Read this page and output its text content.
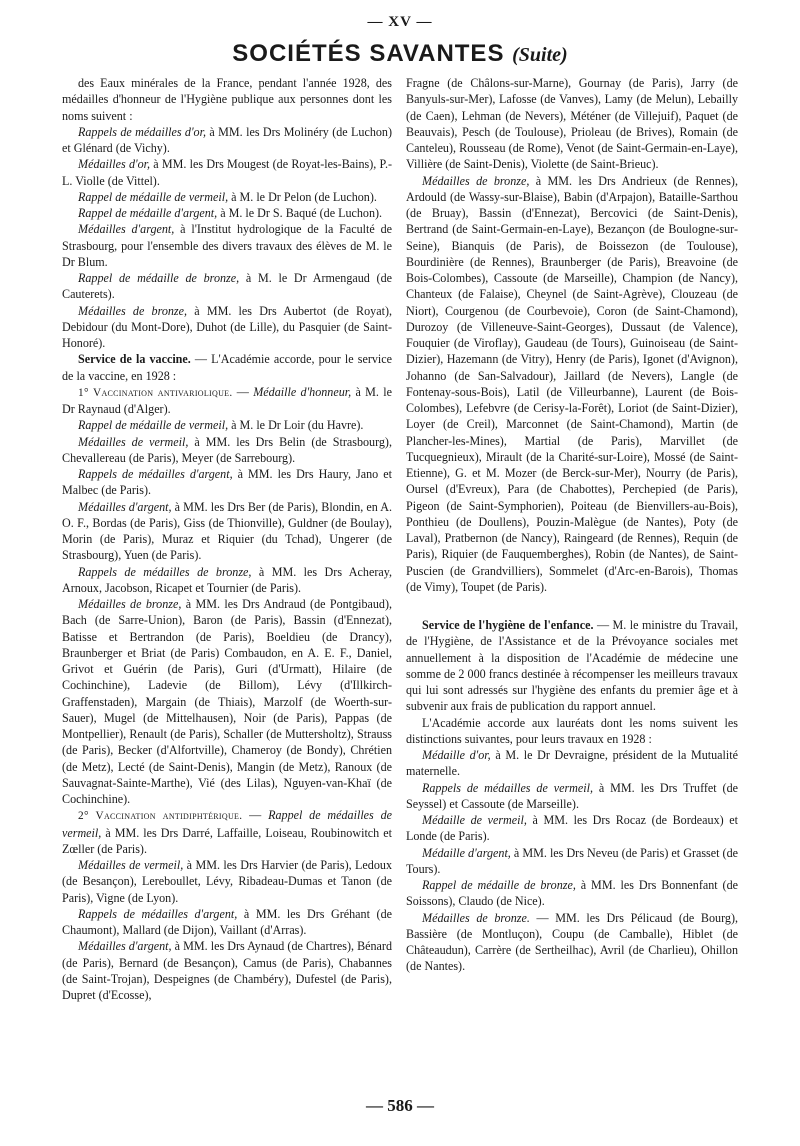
— XV —
SOCIÉTÉS SAVANTES (Suite)

des Eaux minérales de la France, pendant l'année 1928, des médailles d'honneur de l'Hygiène publique aux personnes dont les noms suivent :

Rappels de médailles d'or, à MM. les Drs Molinéry (de Luchon) et Glénard (de Vichy).

Médailles d'or, à MM. les Drs Mougest (de Royat-les-Bains), P.-L. Violle (de Vittel).

Rappel de médaille de vermeil, à M. le Dr Pelon (de Luchon).

Rappel de médaille d'argent, à M. le Dr S. Baqué (de Luchon).

Médailles d'argent, à l'Institut hydrologique de la Faculté de Strasbourg, pour l'ensemble des divers travaux des élèves de M. le Dr Blum.

Rappel de médaille de bronze, à M. le Dr Armengaud (de Cauterets).

Médailles de bronze, à MM. les Drs Aubertot (de Royat), Debidour (du Mont-Dore), Duhot (de Lille), du Pasquier (de Saint-Honoré).

Service de la vaccine. — L'Académie accorde, pour le service de la vaccine, en 1928 :

1° Vaccination antivariolique. — Médaille d'honneur, à M. le Dr Raynaud (d'Alger).

Rappel de médaille de vermeil, à M. le Dr Loir (du Havre).

Médailles de vermeil, à MM. les Drs Belin (de Strasbourg), Chevallereau (de Paris), Meyer (de Sarrebourg).

Rappels de médailles d'argent, à MM. les Drs Haury, Jano et Malbec (de Paris).

Médailles d'argent, à MM. les Drs Ber (de Paris), Blondin, en A. O. F., Bordas (de Paris), Giss (de Thionville), Guldner (de Boulay), Morin (de Paris), Muraz et Riquier (du Tchad), Ungerer (de Strasbourg), Yuen (de Paris).

Rappels de médailles de bronze, à MM. les Drs Acheray, Arnoux, Jacobson, Ricapet et Tournier (de Paris).

Médailles de bronze, à MM. les Drs Andraud (de Pontgibaud), Bach (de Sarre-Union), Baron (de Paris), Bassin (d'Ennezat), Batisse et Bertrandon (de Paris), Boeldieu (de Drancy), Braunberger et Briat (de Paris) Combaudon, en A. E. F., Daniel, Grivot et Guérin (de Paris), Guri (d'Urmatt), Hilaire (de Cochinchine), Ladevie (de Billom), Lévy (d'Illkirch-Graffenstaden), Margain (de Thiais), Marzolf (de Woerth-sur-Sauer), Mugel (de Mittelhausen), Noir (de Paris), Pappas (de Montpellier), Renault (de Paris), Schaller (de Muttersholtz), Strauss (de Paris), Becker (d'Alfortville), Chameroy (de Bondy), Chrétien (de Metz), Lecté (de Saint-Denis), Mangin (de Metz), Ranoux (de Sauvagnat-Sainte-Marthe), Vié (des Lilas), Nguyen-van-Khaï (de Cochinchine).

2° Vaccination antidiphtérique. — Rappel de médailles de vermeil, à MM. les Drs Darré, Laffaille, Loiseau, Roubinowitch et Zœller (de Paris).

Médailles de vermeil, à MM. les Drs Harvier (de Paris), Ledoux (de Besançon), Lereboullet, Lévy, Ribadeau-Dumas et Tanon (de Paris), Vigne (de Lyon).

Rappels de médailles d'argent, à MM. les Drs Gréhant (de Chaumont), Mallard (de Dijon), Vaillant (d'Arras).

Médailles d'argent, à MM. les Drs Aynaud (de Chartres), Bénard (de Paris), Bernard (de Besançon), Camus (de Paris), Chabannes (de Saint-Trojan), Despeignes (de Chambéry), Dufestel (de Paris), Dupret (d'Ecosse),

Fragne (de Châlons-sur-Marne), Gournay (de Paris), Jarry (de Banyuls-sur-Mer), Lafosse (de Vanves), Lamy (de Melun), Lebailly (de Caen), Lehman (de Nevers), Météner (de Villejuif), Paquet (de Beauvais), Pesch (de Toulouse), Prioleau (de Brives), Romain (de Canteleu), Rousseau (de Rome), Venot (de Saint-Germain-en-Laye), Villière (de Saint-Denis), Violette (de Saint-Brieuc).

Médailles de bronze, à MM. les Drs Andrieux (de Rennes), Ardould (de Wassy-sur-Blaise), Babin (d'Arpajon), Bataille-Sarthou (de Bruay), Bassin (d'Ennezat), Bercovici (de Saint-Denis), Bertrand (de Saint-Germain-en-Laye), Bezançon (de Boulogne-sur-Seine), Bianquis (de Paris), de Boissezon (de Toulouse), Bourdinière (de Rennes), Braunberger (de Paris), Breavoine (de Bois-Colombes), Cassoute (de Marseille), Champion (de Nancy), Chanteux (de Falaise), Cheynel (de Saint-Agrève), Clouzeau (de Niort), Courgenou (de Courbevoie), Coron (de Saint-Chamond), Durozoy (de Villeneuve-Saint-Georges), Dussaut (de Valence), Fouquier (de Viroflay), Gaudeau (de Tours), Guinoiseau (de Saint-Dizier), Hazemann (de Vitry), Henry (de Paris), Igonet (d'Avignon), Johanno (de San-Salvadour), Jaillard (de Nevers), Langle (de Fontenay-sous-Bois), Latil (de Villeurbanne), Laurent (de Bois-Colombes), Lefebvre (de Cerisy-la-Forêt), Loriot (de Saint-Dizier), Loyer (de Creil), Marconnet (de Saint-Chamond), Martin (de Plancher-les-Mines), Martial (de Paris), Marvillet (de Tucquegnieux), Mirault (de la Charité-sur-Loire), Mossé (de Saint-Etienne), G. et M. Mozer (de Berck-sur-Mer), Nourry (de Paris), Oursel (d'Evreux), Para (de Chabottes), Perchepied (de Paris), Pigeon (de Saint-Symphorien), Poiteau (de Bienvillers-au-Bois), Ponthieu (de Doullens), Pouzin-Malègue (de Nantes), Poty (de Laval), Pratbernon (de Nancy), Raingeard (de Rennes), Requin (de Paris), Riquier (de Fauquemberghes), Robin (de Nantes), de Saint-Puscien (de Grandvilliers), Sommelet (d'Arc-en-Barois), Thomas (de Vimy), Toupet (de Paris).

Service de l'hygiène de l'enfance. — M. le ministre du Travail, de l'Hygiène, de l'Assistance et de la Prévoyance sociales met annuellement à la disposition de l'Académie de médecine une somme de 2 000 francs destinée à récompenser les meilleurs travaux qui lui sont adressés sur l'hygiène des enfants du premier âge et à subvenir aux frais de publication du rapport annuel.

L'Académie accorde aux lauréats dont les noms suivent les distinctions suivantes, pour leurs travaux en 1928 :

Médaille d'or, à M. le Dr Devraigne, président de la Mutualité maternelle.

Rappels de médailles de vermeil, à MM. les Drs Truffet (de Seyssel) et Cassoute (de Marseille).

Médaille de vermeil, à MM. les Drs Rocaz (de Bordeaux) et Londe (de Paris).

Médaille d'argent, à MM. les Drs Neveu (de Paris) et Grasset (de Tours).

Rappel de médaille de bronze, à MM. les Drs Bonnenfant (de Soissons), Claudo (de Nice).

Médailles de bronze. — MM. les Drs Pélicaud (de Bourg), Bassière (de Montluçon), Coupu (de Camballe), Hiblet (de Châteaudun), Carrère (de Sertheilhac), Avril (de Charlieu), Ohillon (de Nantes).

— 586 —
